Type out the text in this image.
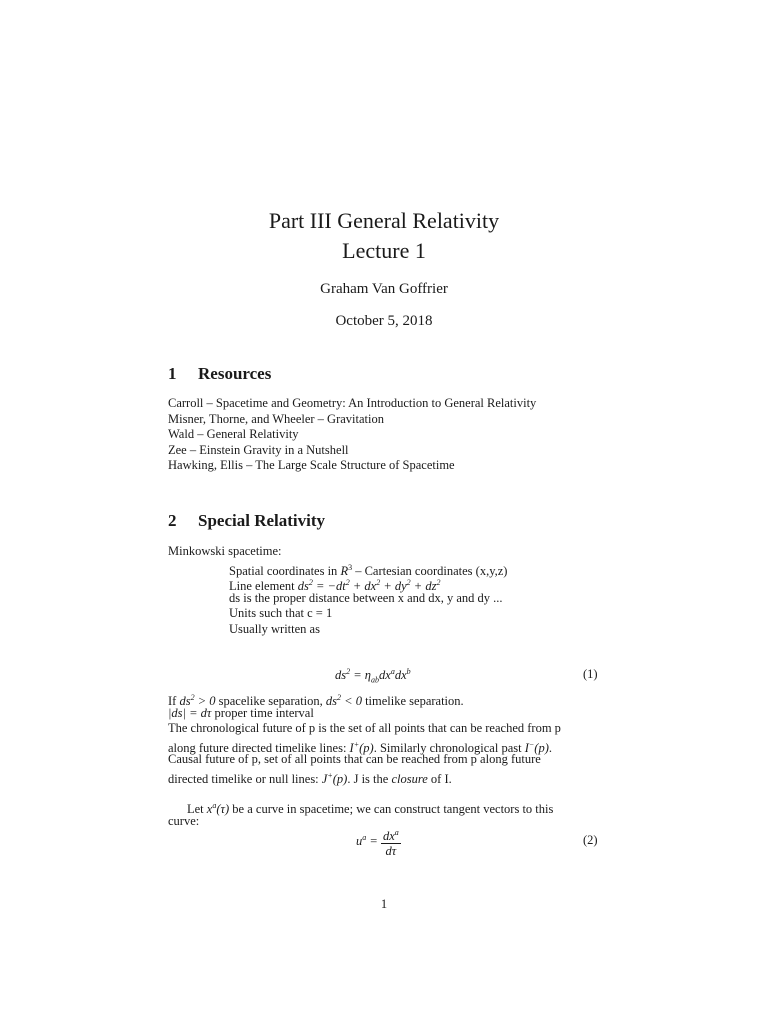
Part III General Relativity
Lecture 1
Graham Van Goffrier
October 5, 2018
1 Resources
Carroll – Spacetime and Geometry: An Introduction to General Relativity
Misner, Thorne, and Wheeler – Gravitation
Wald – General Relativity
Zee – Einstein Gravity in a Nutshell
Hawking, Ellis – The Large Scale Structure of Spacetime
2 Special Relativity
Minkowski spacetime:
Spatial coordinates in $R^3$ – Cartesian coordinates (x,y,z)
Line element $ds^2 = -dt^2 + dx^2 + dy^2 + dz^2$
ds is the proper distance between x and dx, y and dy ...
Units such that c = 1
Usually written as
$ds^2 = \eta_{ab}dx^adx^b$	(1)
If $ds^2 > 0$ spacelike separation, $ds^2 < 0$ timelike separation.
|ds| = dτ proper time interval
The chronological future of p is the set of all points that can be reached from p
along future directed timelike lines: I+(p). Similarly chronological past I−(p).
Causal future of p, set of all points that can be reached from p along future
directed timelike or null lines: J+(p). J is the closure of I.
Let $x^a(\tau)$ be a curve in spacetime; we can construct tangent vectors to this
curve:
$u^a = \frac{dx^a}{d\tau}$	(2)
1
